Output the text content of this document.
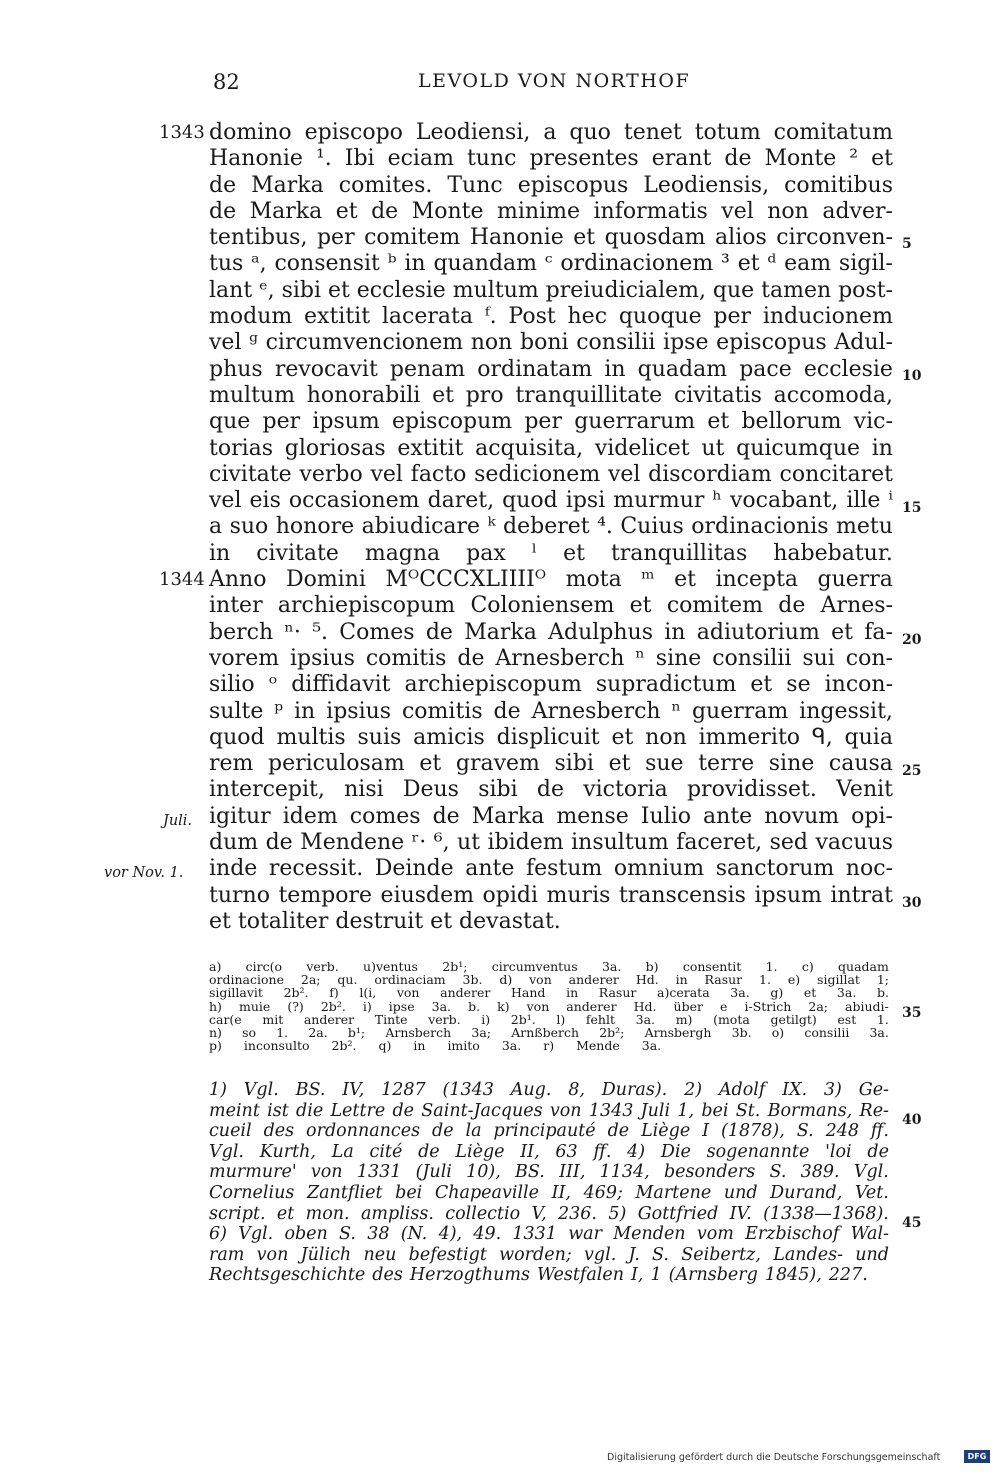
82	LEVOLD VON NORTHOF
1343
1344
Juli.
vor Nov. 1.
5
10
15
20
25
30
35
40
45
domino episcopo Leodiensi, a quo tenet totum comitatum
Hanonie ¹. Ibi eciam tunc presentes erant de Monte ² et
de Marka comites. Tunc episcopus Leodiensis, comitibus
de Marka et de Monte minime informatis vel non adver-
tentibus, per comitem Hanonie et quosdam alios circonven-
tus ᵃ, consensit ᵇ in quandam ᶜ ordinacionem ³ et ᵈ eam sigil-
lant ᵉ, sibi et ecclesie multum preiudicialem, que tamen post-
modum extitit lacerata ᶠ. Post hec quoque per inducionem
vel ᵍ circumvencionem non boni consilii ipse episcopus Adul-
phus revocavit penam ordinatam in quadam pace ecclesie
multum honorabili et pro tranquillitate civitatis accomoda,
que per ipsum episcopum per guerrarum et bellorum vic-
torias gloriosas extitit acquisita, videlicet ut quicumque in
civitate verbo vel facto sedicionem vel discordiam concitaret
vel eis occasionem daret, quod ipsi murmur ʰ vocabant, ille ⁱ
a suo honore abiudicare ᵏ deberet ⁴. Cuius ordinacionis metu
in civitate magna pax ˡ et tranquillitas habebatur.
Anno Domini MᴼCCCXLIIIIᴼ mota ᵐ et incepta guerra
inter archiepiscopum Coloniensem et comitem de Arnes-
berch ⁿ· ⁵. Comes de Marka Adulphus in adiutorium et fa-
vorem ipsius comitis de Arnesberch ⁿ sine consilii sui con-
silio ᵒ diffidavit archiepiscopum supradictum et se incon-
sulte ᵖ in ipsius comitis de Arnesberch ⁿ guerram ingessit,
quod multis suis amicis displicuit et non immerito ᑫ, quia
rem periculosam et gravem sibi et sue terre sine causa
intercepit, nisi Deus sibi de victoria providisset. Venit
igitur idem comes de Marka mense Iulio ante novum opi-
dum de Mendene ʳ· ⁶, ut ibidem insultum faceret, sed vacuus
inde recessit. Deinde ante festum omnium sanctorum noc-
turno tempore eiusdem opidi muris transcensis ipsum intrat
et totaliter destruit et devastat.
a) circ(o verb. u)ventus 2b¹; circumventus 3a. b) consentit 1. c) quadam
ordinacione 2a; qu. ordinaciam 3b. d) von anderer Hd. in Rasur 1. e) sigillat 1;
sigillavit 2b². f) l(i, von anderer Hand in Rasur a)cerata 3a. g) et 3a. b.
h) muie (?) 2b². i) ipse 3a. b. k) von anderer Hd. über e i-Strich 2a; abiudi-
car(e mit anderer Tinte verb. i) 2b¹. l) fehlt 3a. m) (mota getilgt) est 1.
n) so 1. 2a. b¹; Arnsberch 3a; Arnßberch 2b²; Arnsbergh 3b. o) consilii 3a.
p) inconsulto 2b². q) in imito 3a. r) Mende 3a.
1) Vgl. BS. IV, 1287 (1343 Aug. 8, Duras). 2) Adolf IX. 3) Ge-
meint ist die Lettre de Saint-Jacques von 1343 Juli 1, bei St. Bormans, Re-
cueil des ordonnances de la principauté de Liège I (1878), S. 248 ff.
Vgl. Kurth, La cité de Liège II, 63 ff. 4) Die sogenannte 'loi de
murmure' von 1331 (Juli 10), BS. III, 1134, besonders S. 389. Vgl.
Cornelius Zantfliet bei Chapeaville II, 469; Martene und Durand, Vet.
script. et mon. ampliss. collectio V, 236. 5) Gottfried IV. (1338—1368).
6) Vgl. oben S. 38 (N. 4), 49. 1331 war Menden vom Erzbischof Wal-
ram von Jülich neu befestigt worden; vgl. J. S. Seibertz, Landes- und
Rechtsgeschichte des Herzogthums Westfalen I, 1 (Arnsberg 1845), 227.
Digitalisierung gefördert durch die Deutsche Forschungsgemeinschaft	DFG
